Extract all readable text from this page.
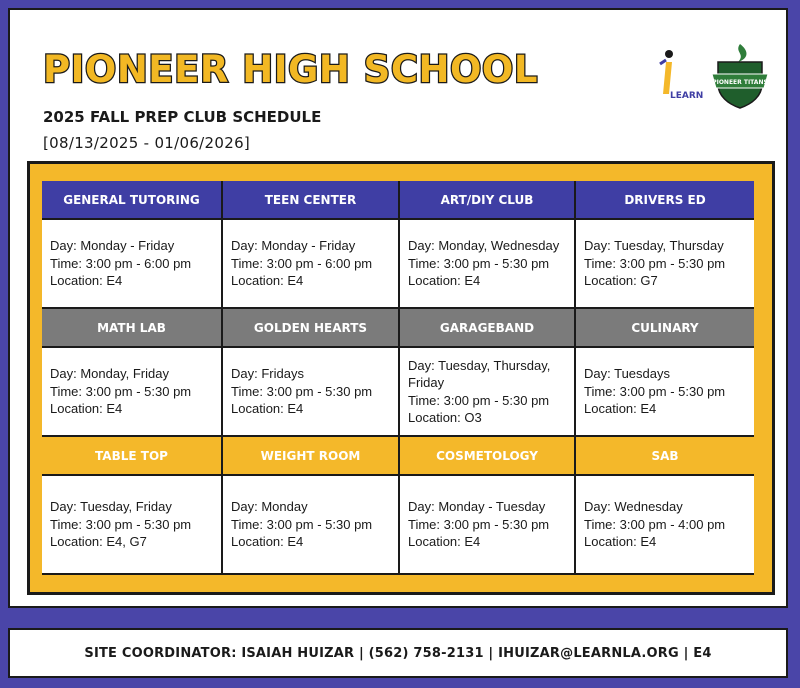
PIONEER HIGH SCHOOL
2025 FALL PREP CLUB SCHEDULE
[08/13/2025 - 01/06/2026]
LEARN
PIONEER TITANS
GENERAL TUTORING	TEEN CENTER	ART/DIY CLUB	DRIVERS ED
Day: Monday - Friday
Time: 3:00 pm - 6:00 pm
Location: E4
Day: Monday - Friday
Time: 3:00 pm - 6:00 pm
Location: E4
Day: Monday, Wednesday
Time: 3:00 pm - 5:30 pm
Location: E4
Day: Tuesday, Thursday
Time: 3:00 pm - 5:30 pm
Location: G7
MATH LAB	GOLDEN HEARTS	GARAGEBAND	CULINARY
Day: Monday, Friday
Time: 3:00 pm - 5:30 pm
Location: E4
Day: Fridays
Time: 3:00 pm - 5:30 pm
Location: E4
Day: Tuesday, Thursday,
Friday
Time: 3:00 pm - 5:30 pm
Location: O3
Day: Tuesdays
Time: 3:00 pm - 5:30 pm
Location: E4
TABLE TOP	WEIGHT ROOM	COSMETOLOGY	SAB
Day: Tuesday, Friday
Time: 3:00 pm - 5:30 pm
Location: E4, G7
Day: Monday
Time: 3:00 pm - 5:30 pm
Location: E4
Day: Monday - Tuesday
Time: 3:00 pm - 5:30 pm
Location: E4
Day: Wednesday
Time: 3:00 pm - 4:00 pm
Location: E4
SITE COORDINATOR: ISAIAH HUIZAR | (562) 758-2131 | IHUIZAR@LEARNLA.ORG | E4
